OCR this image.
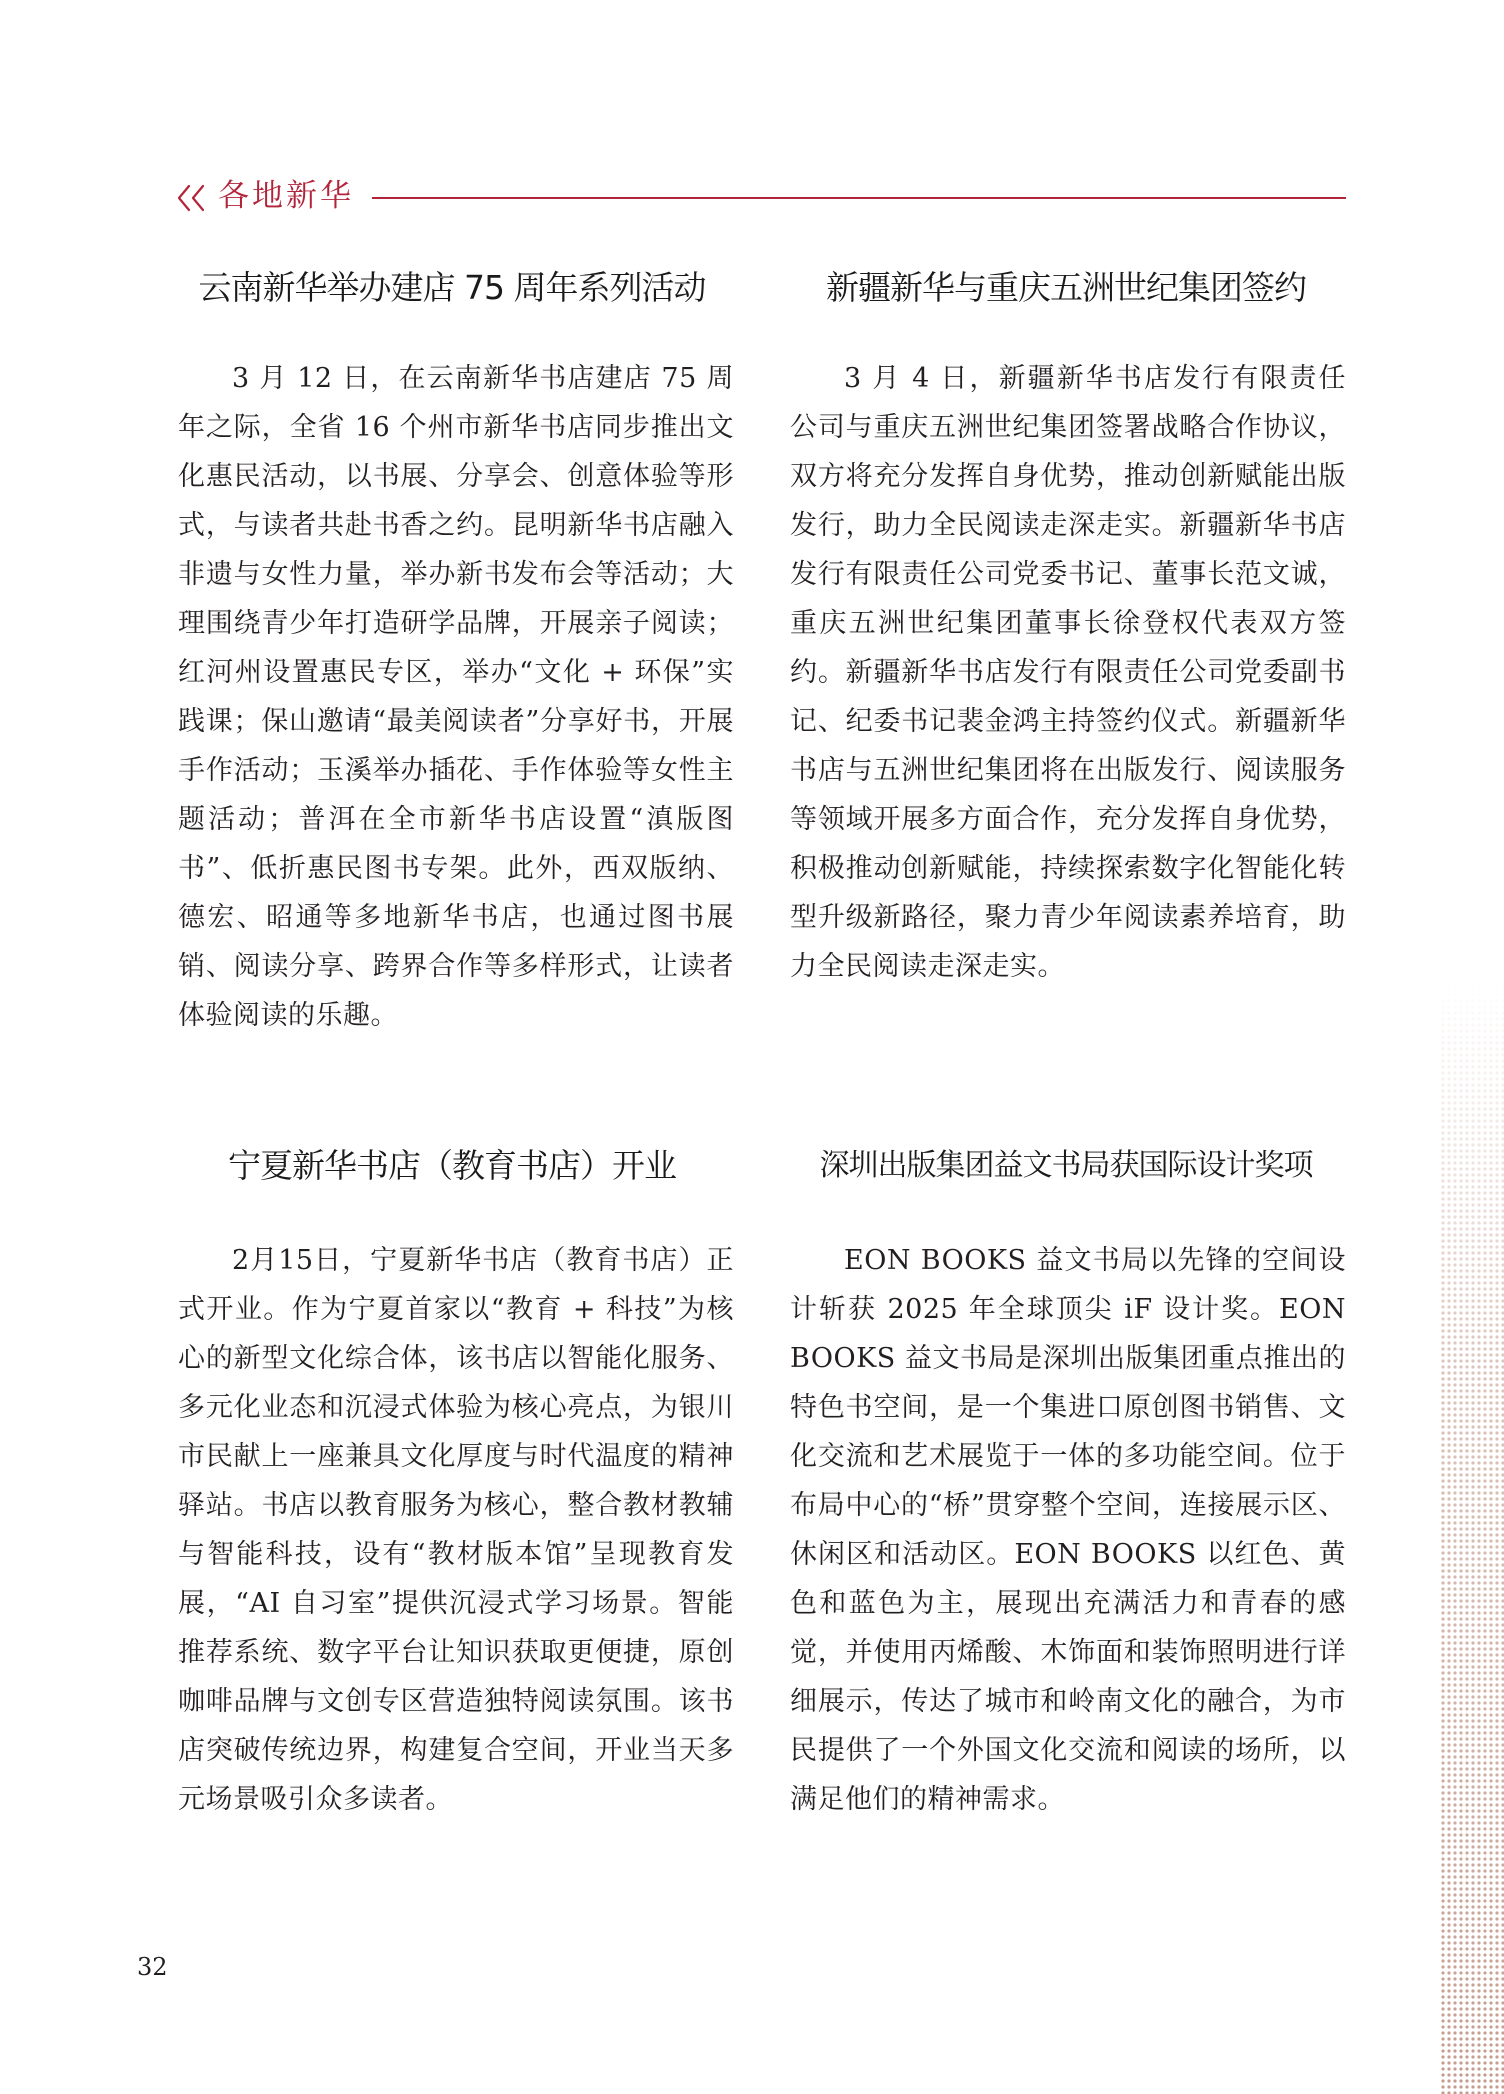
各地新华
云南新华举办建店 75 周年系列活动

3 月 12 日，在云南新华书店建店 75 周年之际，全省 16 个州市新华书店同步推出文化惠民活动，以书展、分享会、创意体验等形式，与读者共赴书香之约。昆明新华书店融入非遗与女性力量，举办新书发布会等活动；大理围绕青少年打造研学品牌，开展亲子阅读；红河州设置惠民专区，举办“文化 + 环保”实践课；保山邀请“最美阅读者”分享好书，开展手作活动；玉溪举办插花、手作体验等女性主题活动；普洱在全市新华书店设置“滇版图书”、低折惠民图书专架。此外，西双版纳、德宏、昭通等多地新华书店，也通过图书展销、阅读分享、跨界合作等多样形式，让读者体验阅读的乐趣。

新疆新华与重庆五洲世纪集团签约

3 月 4 日，新疆新华书店发行有限责任公司与重庆五洲世纪集团签署战略合作协议，双方将充分发挥自身优势，推动创新赋能出版发行，助力全民阅读走深走实。新疆新华书店发行有限责任公司党委书记、董事长范文诚，重庆五洲世纪集团董事长徐登权代表双方签约。新疆新华书店发行有限责任公司党委副书记、纪委书记裴金鸿主持签约仪式。新疆新华书店与五洲世纪集团将在出版发行、阅读服务等领域开展多方面合作，充分发挥自身优势，积极推动创新赋能，持续探索数字化智能化转型升级新路径，聚力青少年阅读素养培育，助力全民阅读走深走实。

宁夏新华书店（教育书店）开业

2月15日，宁夏新华书店（教育书店）正式开业。作为宁夏首家以“教育 + 科技”为核心的新型文化综合体，该书店以智能化服务、多元化业态和沉浸式体验为核心亮点，为银川市民献上一座兼具文化厚度与时代温度的精神驿站。书店以教育服务为核心，整合教材教辅与智能科技，设有“教材版本馆”呈现教育发展，“AI 自习室”提供沉浸式学习场景。智能推荐系统、数字平台让知识获取更便捷，原创咖啡品牌与文创专区营造独特阅读氛围。该书店突破传统边界，构建复合空间，开业当天多元场景吸引众多读者。

深圳出版集团益文书局获国际设计奖项

EON BOOKS 益文书局以先锋的空间设计斩获 2025 年全球顶尖 iF 设计奖。EON BOOKS 益文书局是深圳出版集团重点推出的特色书空间，是一个集进口原创图书销售、文化交流和艺术展览于一体的多功能空间。位于布局中心的“桥”贯穿整个空间，连接展示区、休闲区和活动区。EON BOOKS 以红色、黄色和蓝色为主，展现出充满活力和青春的感觉，并使用丙烯酸、木饰面和装饰照明进行详细展示，传达了城市和岭南文化的融合，为市民提供了一个外国文化交流和阅读的场所，以满足他们的精神需求。

32
